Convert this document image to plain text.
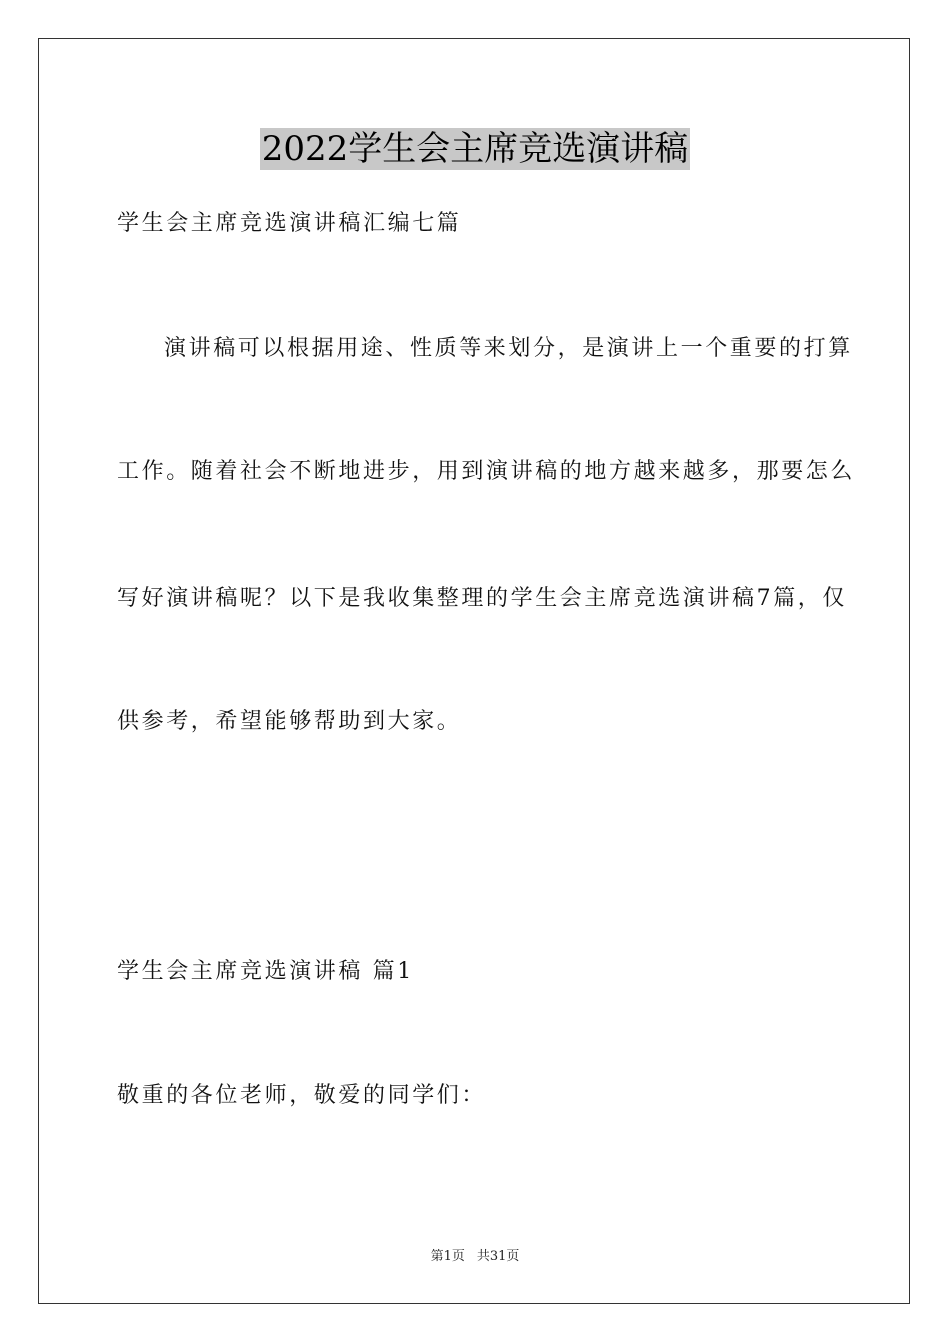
2022学生会主席竞选演讲稿
学生会主席竞选演讲稿汇编七篇
演讲稿可以根据用途、性质等来划分，是演讲上一个重要的打算
工作。随着社会不断地进步，用到演讲稿的地方越来越多，那要怎么
写好演讲稿呢？以下是我收集整理的学生会主席竞选演讲稿7篇，仅
供参考，希望能够帮助到大家。
学生会主席竞选演讲稿 篇1
敬重的各位老师，敬爱的同学们：
第1页 共31页
